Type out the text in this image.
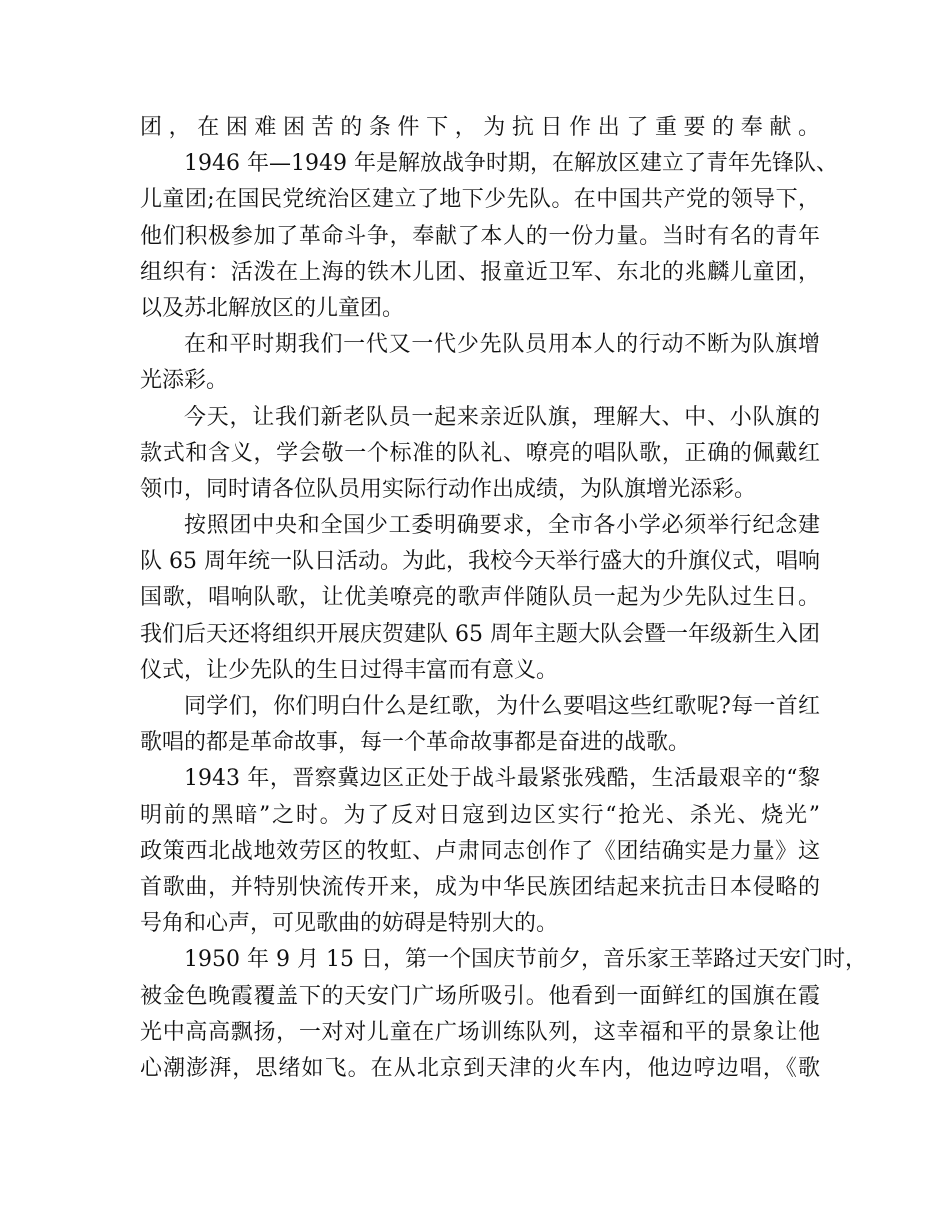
团，在困难困苦的条件下，为抗日作出了重要的奉献。
1946 年—1949 年是解放战争时期，在解放区建立了青年先锋队、
儿童团;在国民党统治区建立了地下少先队。在中国共产党的领导下，
他们积极参加了革命斗争，奉献了本人的一份力量。当时有名的青年
组织有：活泼在上海的铁木儿团、报童近卫军、东北的兆麟儿童团，
以及苏北解放区的儿童团。
在和平时期我们一代又一代少先队员用本人的行动不断为队旗增
光添彩。
今天，让我们新老队员一起来亲近队旗，理解大、中、小队旗的
款式和含义，学会敬一个标准的队礼、嘹亮的唱队歌，正确的佩戴红
领巾，同时请各位队员用实际行动作出成绩，为队旗增光添彩。
按照团中央和全国少工委明确要求，全市各小学必须举行纪念建
队 65 周年统一队日活动。为此，我校今天举行盛大的升旗仪式，唱响
国歌，唱响队歌，让优美嘹亮的歌声伴随队员一起为少先队过生日。
我们后天还将组织开展庆贺建队 65 周年主题大队会暨一年级新生入团
仪式，让少先队的生日过得丰富而有意义。
同学们，你们明白什么是红歌，为什么要唱这些红歌呢?每一首红
歌唱的都是革命故事，每一个革命故事都是奋进的战歌。
1943 年，晋察冀边区正处于战斗最紧张残酷，生活最艰辛的“黎
明前的黑暗”之时。为了反对日寇到边区实行“抢光、杀光、烧光”
政策西北战地效劳区的牧虹、卢肃同志创作了《团结确实是力量》这
首歌曲，并特别快流传开来，成为中华民族团结起来抗击日本侵略的
号角和心声，可见歌曲的妨碍是特别大的。
1950 年 9 月 15 日，第一个国庆节前夕，音乐家王莘路过天安门时，
被金色晚霞覆盖下的天安门广场所吸引。他看到一面鲜红的国旗在霞
光中高高飘扬，一对对儿童在广场训练队列，这幸福和平的景象让他
心潮澎湃，思绪如飞。在从北京到天津的火车内，他边哼边唱，《歌
